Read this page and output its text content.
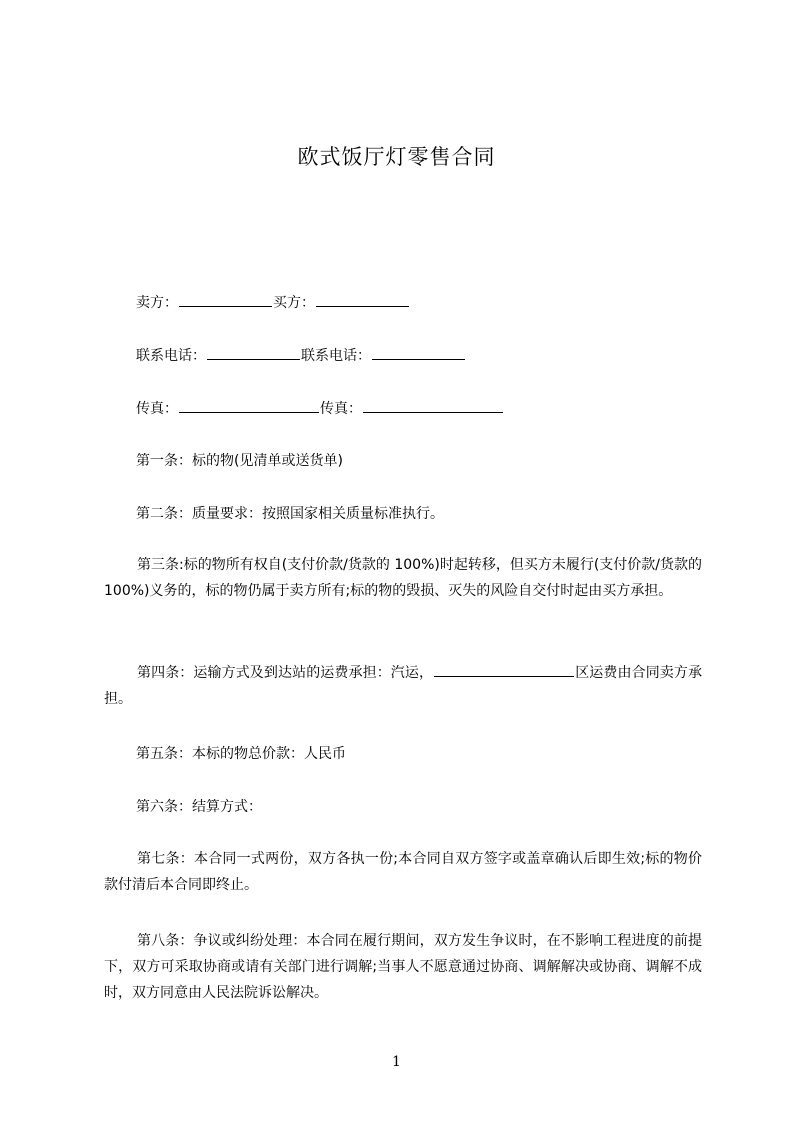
欧式饭厅灯零售合同
卖方：	买方：
联系电话：	联系电话：
传真：	传真：
第一条：标的物(见清单或送货单)
第二条：质量要求：按照国家相关质量标准执行。
第三条:标的物所有权自(支付价款/货款的 100%)时起转移，但买方未履行(支付价款/货款的 100%)义务的，标的物仍属于卖方所有;标的物的毁损、灭失的风险自交付时起由买方承担。
第四条：运输方式及到达站的运费承担：汽运，	区运费由合同卖方承担。
第五条：本标的物总价款：人民币
第六条：结算方式：
第七条：本合同一式两份，双方各执一份;本合同自双方签字或盖章确认后即生效;标的物价款付清后本合同即终止。
第八条：争议或纠纷处理：本合同在履行期间，双方发生争议时，在不影响工程进度的前提下，双方可采取协商或请有关部门进行调解;当事人不愿意通过协商、调解解决或协商、调解不成时，双方同意由人民法院诉讼解决。
1
